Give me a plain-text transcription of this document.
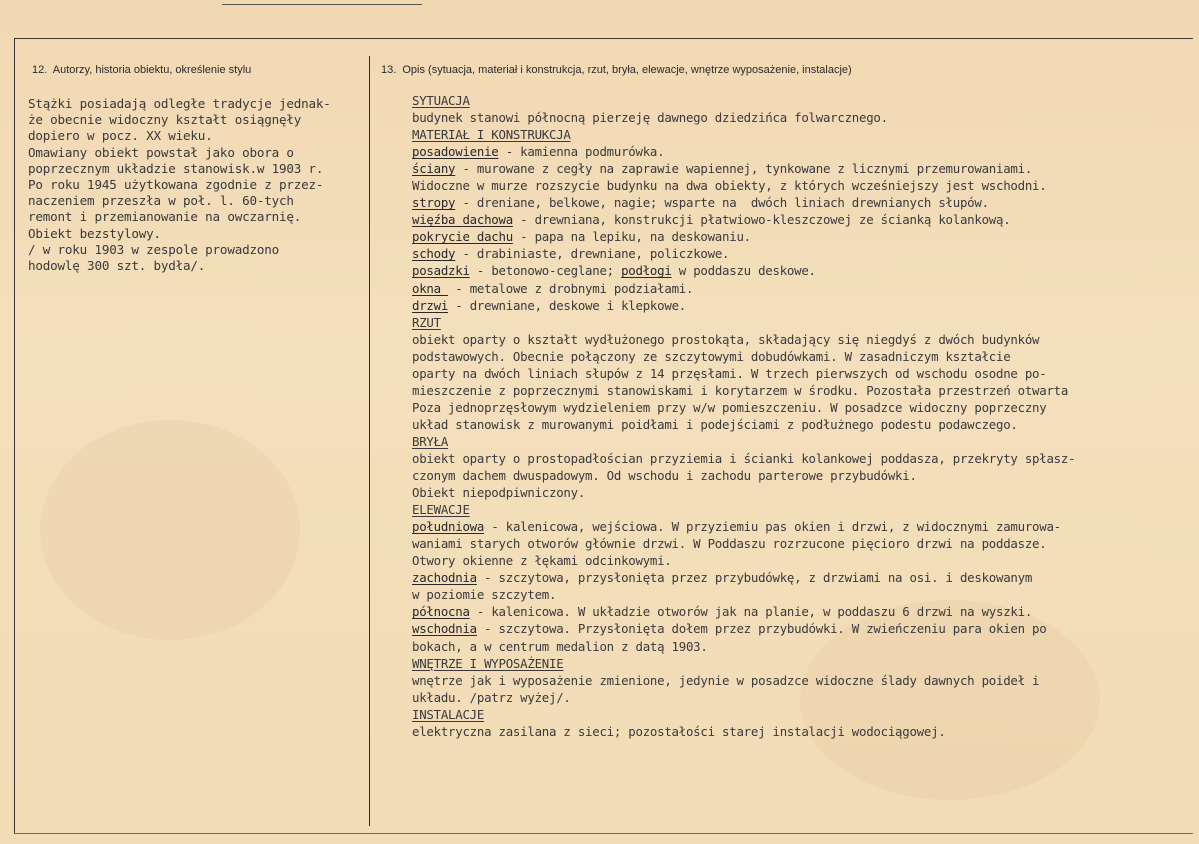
12. Autorzy, historia obiektu, określenie stylu	13. Opis (sytuacja, materiał i konstrukcja, rzut, bryła, elewacje, wnętrze wyposażenie, instalacje)
Stążki posiadają odległe tradycje jednak-
że obecnie widoczny kształt osiągnęły
dopiero w pocz. XX wieku.
Omawiany obiekt powstał jako obora o
poprzecznym układzie stanowisk.w 1903 r.
Po roku 1945 użytkowana zgodnie z przez-
naczeniem przeszła w poł. l. 60-tych
remont i przemianowanie na owczarnię.
Obiekt bezstylowy.
/ w roku 1903 w zespole prowadzono
hodowlę 300 szt. bydła/.
SYTUACJA
budynek stanowi północną pierzeję dawnego dziedzińca folwarcznego.
MATERIAŁ I KONSTRUKCJA
posadowienie - kamienna podmurówka.
ściany - murowane z cegły na zaprawie wapiennej, tynkowane z licznymi przemurowaniami.
Widoczne w murze rozszycie budynku na dwa obiekty, z których wcześniejszy jest wschodni.
stropy - dreniane, belkowe, nagie; wsparte na  dwóch liniach drewnianych słupów.
więźba dachowa - drewniana, konstrukcji płatwiowo-kleszczowej ze ścianką kolankową.
pokrycie dachu - papa na lepiku, na deskowaniu.
schody - drabiniaste, drewniane, policzkowe.
posadzki - betonowo-ceglane; podłogi w poddaszu deskowe.
okna  - metalowe z drobnymi podziałami.
drzwi - drewniane, deskowe i klepkowe.
RZUT
obiekt oparty o kształt wydłużonego prostokąta, składający się niegdyś z dwóch budynków
podstawowych. Obecnie połączony ze szczytowymi dobudówkami. W zasadniczym kształcie
oparty na dwóch liniach słupów z 14 przęsłami. W trzech pierwszych od wschodu osodne po-
mieszczenie z poprzecznymi stanowiskami i korytarzem w środku. Pozostała przestrzeń otwarta
Poza jednoprzęsłowym wydzieleniem przy w/w pomieszczeniu. W posadzce widoczny poprzeczny
układ stanowisk z murowanymi poidłami i podejściami z podłużnego podestu podawczego.
BRYŁA
obiekt oparty o prostopadłościan przyziemia i ścianki kolankowej poddasza, przekryty spłasz-
czonym dachem dwuspadowym. Od wschodu i zachodu parterowe przybudówki.
Obiekt niepodpiwniczony.
ELEWACJE
południowa - kalenicowa, wejściowa. W przyziemiu pas okien i drzwi, z widocznymi zamurowa-
waniami starych otworów głównie drzwi. W Poddaszu rozrzucone pięcioro drzwi na poddasze.
Otwory okienne z łękami odcinkowymi.
zachodnia - szczytowa, przysłonięta przez przybudówkę, z drzwiami na osi. i deskowanym
w poziomie szczytem.
północna - kalenicowa. W układzie otworów jak na planie, w poddaszu 6 drzwi na wyszki.
wschodnia - szczytowa. Przysłonięta dołem przez przybudówki. W zwieńczeniu para okien po
bokach, a w centrum medalion z datą 1903.
WNĘTRZE I WYPOSAŻENIE
wnętrze jak i wyposażenie zmienione, jedynie w posadzce widoczne ślady dawnych poideł i
układu. /patrz wyżej/.
INSTALACJE
elektryczna zasilana z sieci; pozostałości starej instalacji wodociągowej.
